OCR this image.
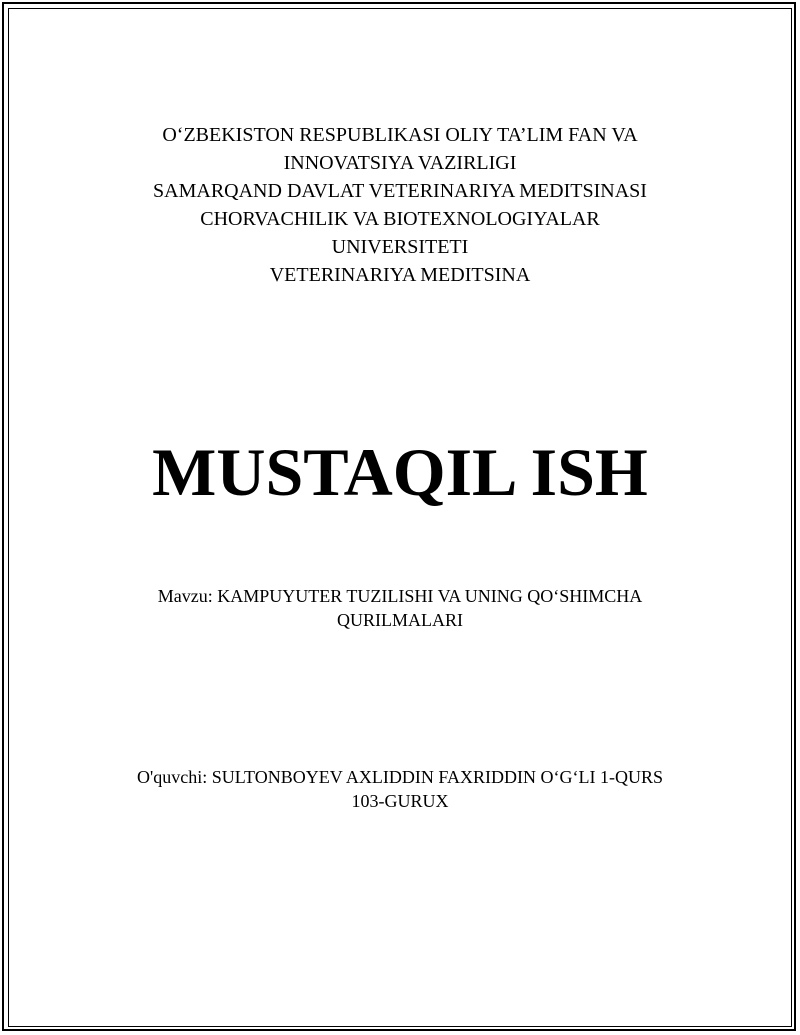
O‘ZBEKISTON RESPUBLIKASI OLIY TA’LIM FAN VA
INNOVATSIYA VAZIRLIGI
SAMARQAND DAVLAT VETERINARIYA MEDITSINASI
CHORVACHILIK VA BIOTEXNOLOGIYALAR
UNIVERSITETI
VETERINARIYA MEDITSINA
MUSTAQIL ISH
Mavzu: KAMPUYUTER TUZILISHI VA UNING QO‘SHIMCHA
QURILMALARI
O'quvchi: SULTONBOYEV AXLIDDIN FAXRIDDIN O‘G‘LI 1-QURS
103-GURUX
